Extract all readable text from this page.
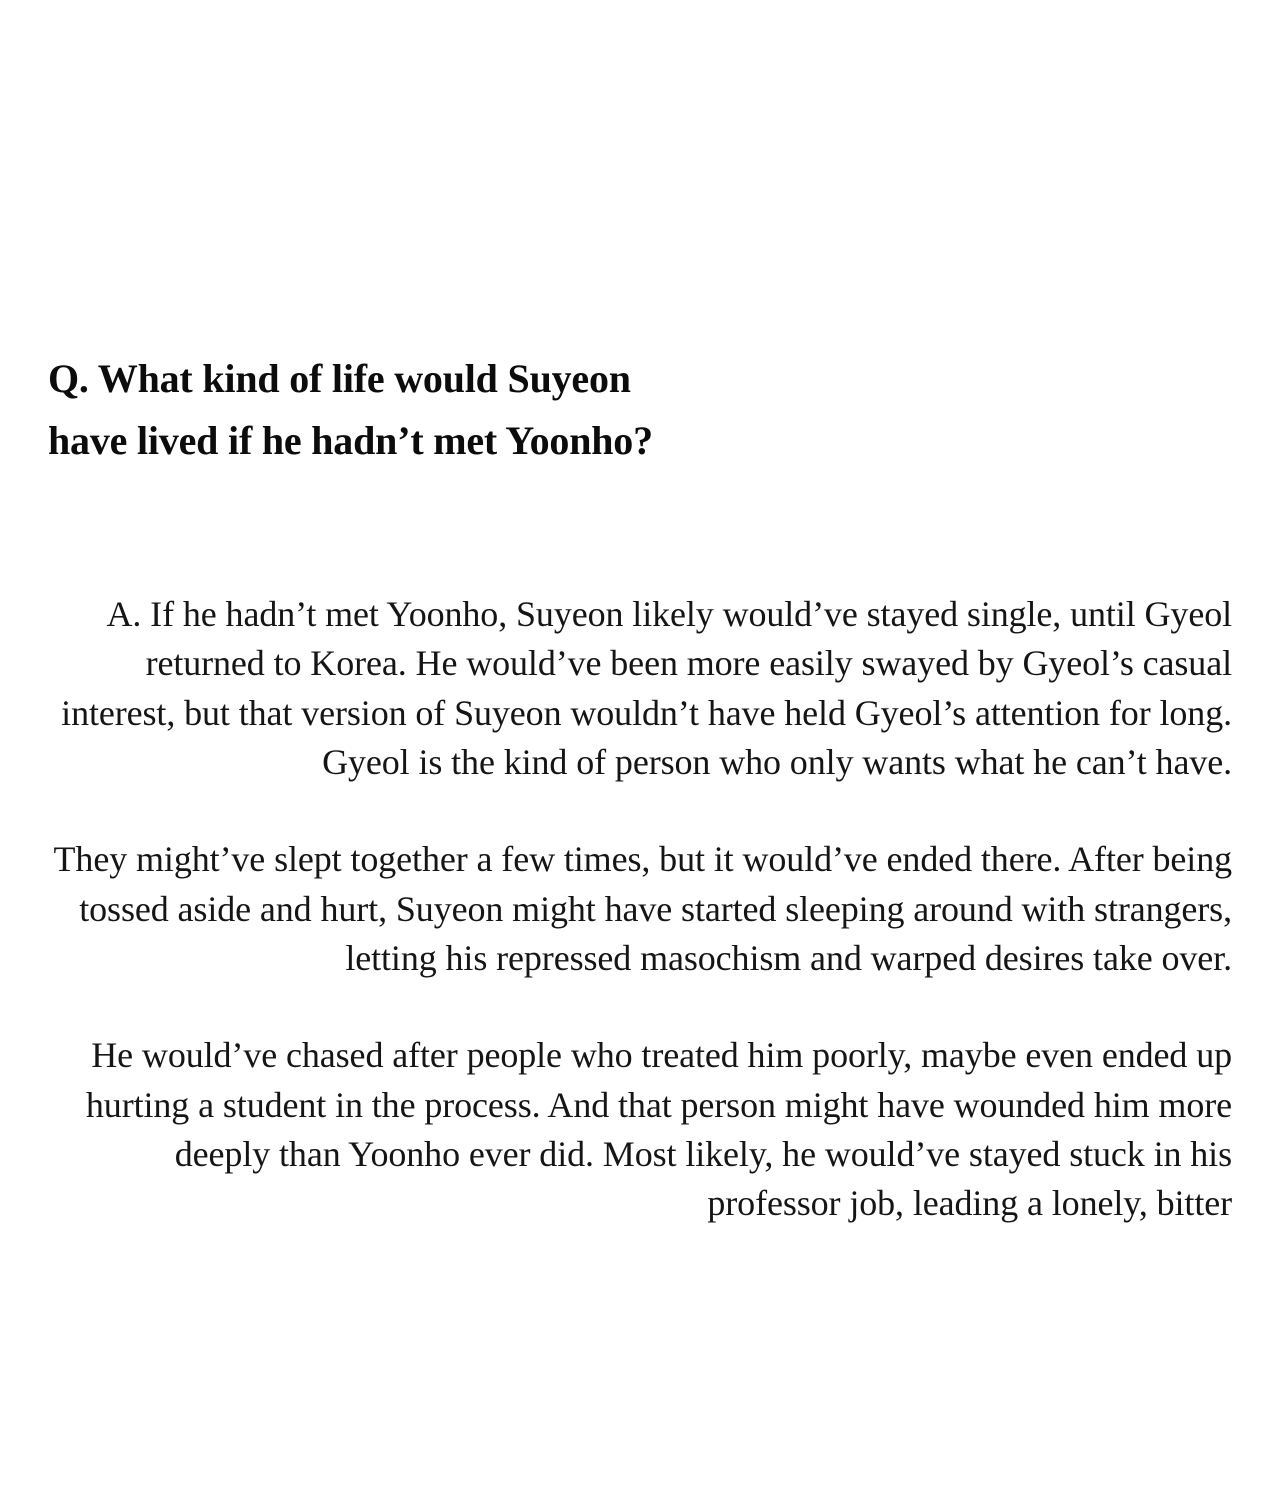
Q. What kind of life would Suyeon
have lived if he hadn’t met Yoonho?

A. If he hadn’t met Yoonho, Suyeon likely would’ve stayed single, until Gyeol returned to Korea. He would’ve been more easily swayed by Gyeol’s casual interest, but that version of Suyeon wouldn’t have held Gyeol’s attention for long. Gyeol is the kind of person who only wants what he can’t have.

They might’ve slept together a few times, but it would’ve ended there. After being tossed aside and hurt, Suyeon might have started sleeping around with strangers, letting his repressed masochism and warped desires take over.

He would’ve chased after people who treated him poorly, maybe even ended up hurting a student in the process. And that person might have wounded him more deeply than Yoonho ever did. Most likely, he would’ve stayed stuck in his professor job, leading a lonely, bitter
